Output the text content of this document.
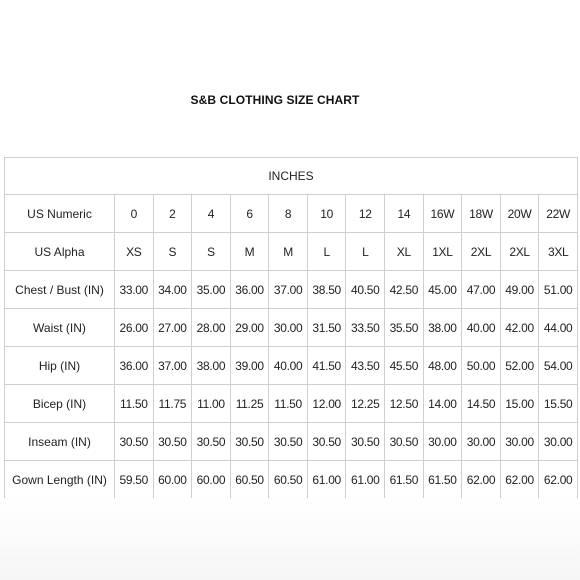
S&B CLOTHING SIZE CHART
INCHES												
US Numeric	0	2	4	6	8	10	12	14	16W	18W	20W	22W
US Alpha	XS	S	S	M	M	L	L	XL	1XL	2XL	2XL	3XL
Chest / Bust (IN)	33.00	34.00	35.00	36.00	37.00	38.50	40.50	42.50	45.00	47.00	49.00	51.00
Waist (IN)	26.00	27.00	28.00	29.00	30.00	31.50	33.50	35.50	38.00	40.00	42.00	44.00
Hip (IN)	36.00	37.00	38.00	39.00	40.00	41.50	43.50	45.50	48.00	50.00	52.00	54.00
Bicep (IN)	11.50	11.75	11.00	11.25	11.50	12.00	12.25	12.50	14.00	14.50	15.00	15.50
Inseam (IN)	30.50	30.50	30.50	30.50	30.50	30.50	30.50	30.50	30.00	30.00	30.00	30.00
Gown Length (IN)	59.50	60.00	60.00	60.50	60.50	61.00	61.00	61.50	61.50	62.00	62.00	62.00
